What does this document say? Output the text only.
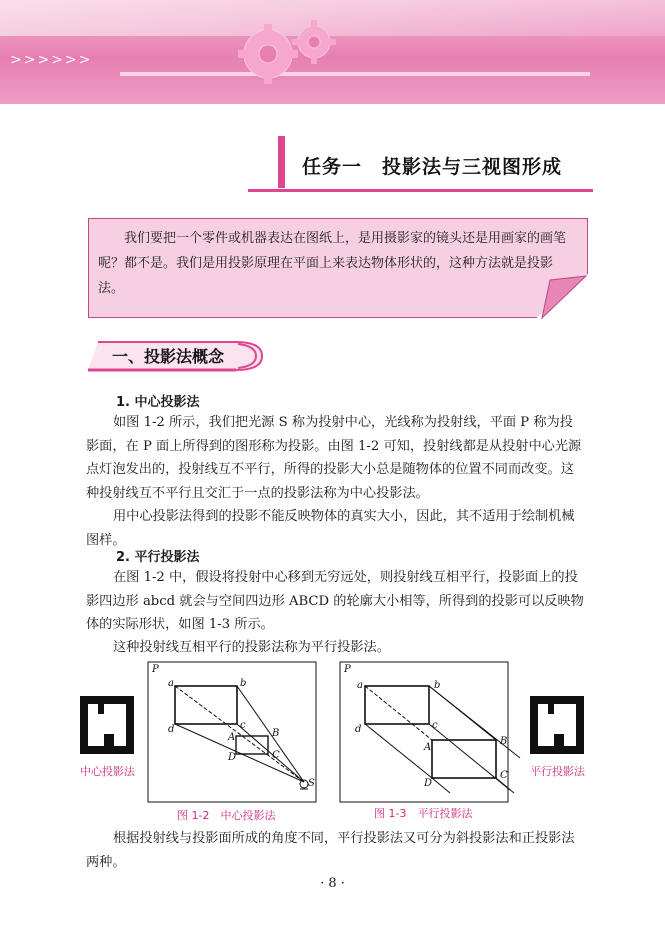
>>>>>>
任务一　投影法与三视图形成
我们要把一个零件或机器表达在图纸上，是用摄影家的镜头还是用画家的画笔呢？都不是。我们是用投影原理在平面上来表达物体形状的，这种方法就是投影法。
一、投影法概念
1. 中心投影法
如图 1-2 所示，我们把光源 S 称为投射中心，光线称为投射线，平面 P 称为投影面，在 P 面上所得到的图形称为投影。由图 1-2 可知，投射线都是从投射中心光源点灯泡发出的，投射线互不平行，所得的投影大小总是随物体的位置不同而改变。这种投射线互不平行且交汇于一点的投影法称为中心投影法。
用中心投影法得到的投影不能反映物体的真实大小，因此，其不适用于绘制机械图样。
2. 平行投影法
在图 1-2 中，假设将投射中心移到无穷远处，则投射线互相平行，投影面上的投影四边形 abcd 就会与空间四边形 ABCD 的轮廓大小相等，所得到的投影可以反映物体的实际形状，如图 1-3 所示。
这种投射线互相平行的投影法称为平行投影法。
P
a	b
c
d
A	B
C
D
S
P
a	b
c
d
A
B
C
D
中心投影法	平行投影法
图 1-2　中心投影法	图 1-3　平行投影法
根据投射线与投影面所成的角度不同，平行投影法又可分为斜投影法和正投影法两种。
· 8 ·
